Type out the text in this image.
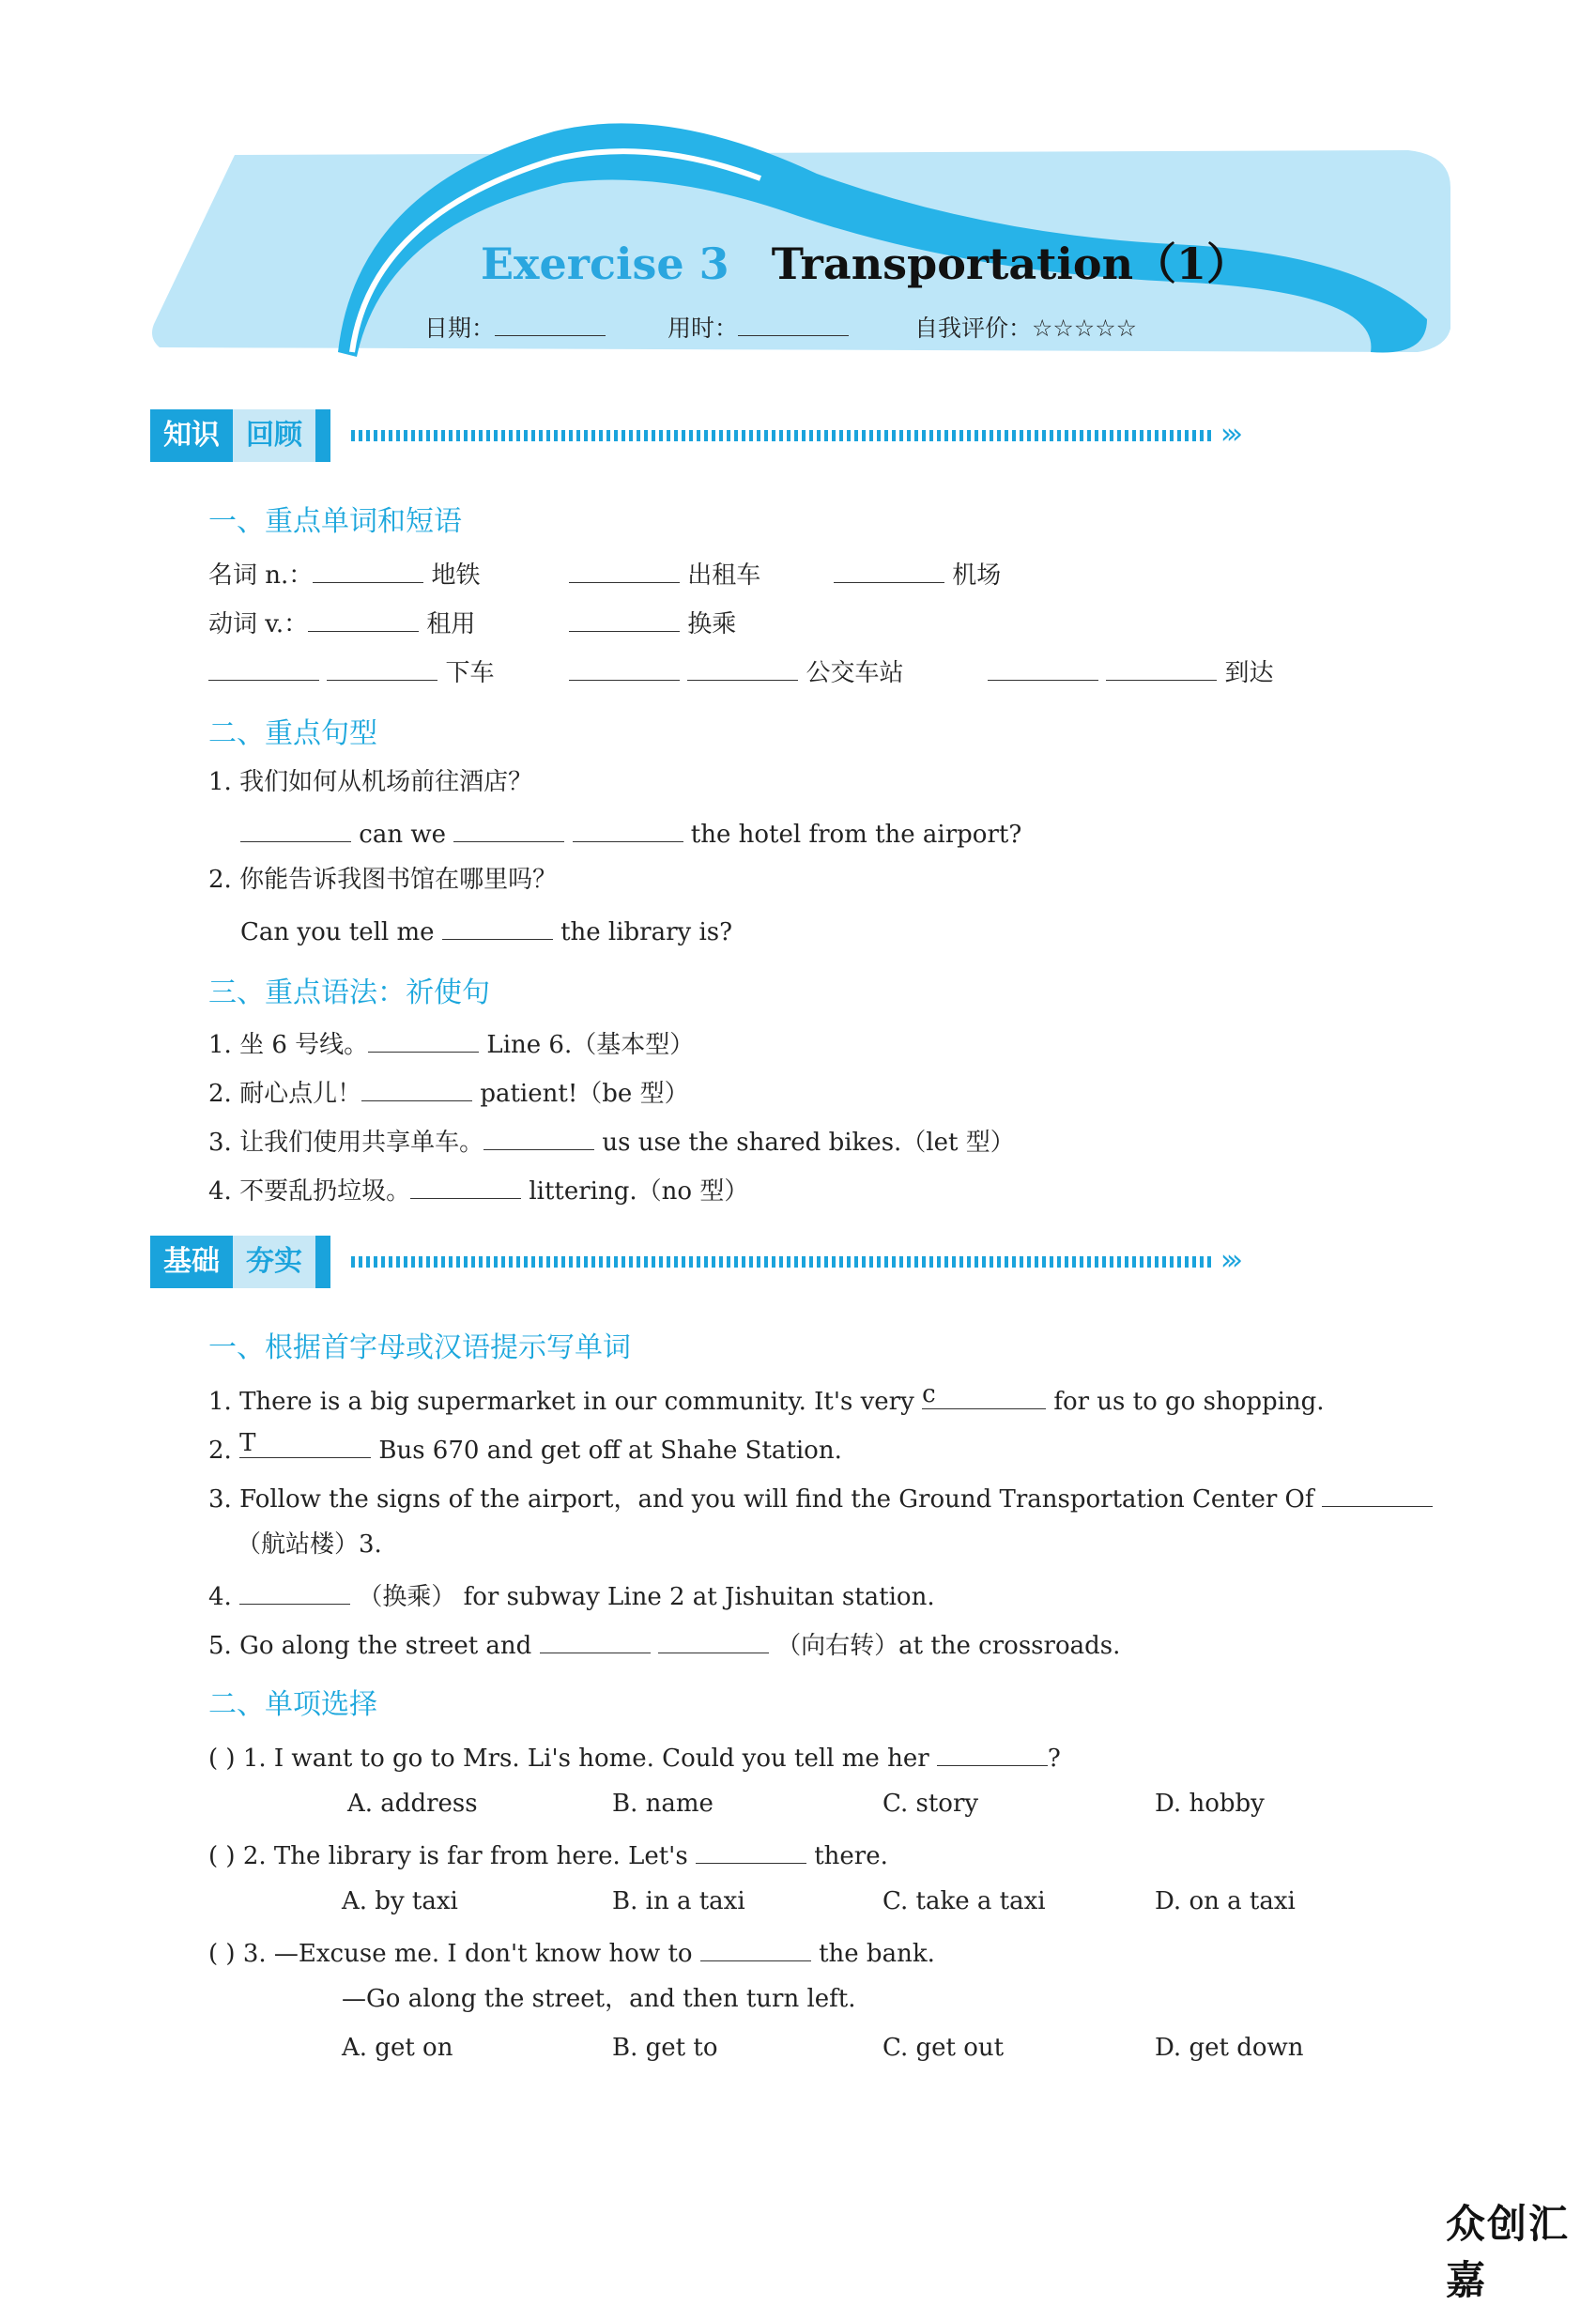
Exercise 3 Transportation（1）
日期：	用时：	自我评价：☆☆☆☆☆
知识 回顾	›››
一、重点单词和短语
名词 n.：	地铁	出租车	机场
动词 v.：	租用	换乘
下车	公交车站	到达
二、重点句型
1. 我们如何从机场前往酒店？
can we	the hotel from the airport?
2. 你能告诉我图书馆在哪里吗？
Can you tell me	the library is?
三、重点语法：祈使句
1. 坐 6 号线。	Line 6.（基本型）
2. 耐心点儿！	patient!（be 型）
3. 让我们使用共享单车。	us use the shared bikes.（let 型）
4. 不要乱扔垃圾。	littering.（no 型）
基础 夯实	›››
一、根据首字母或汉语提示写单词
1. There is a big supermarket in our community. It's very c	for us to go shopping.
2. T	Bus 670 and get off at Shahe Station.
3. Follow the signs of the airport，and you will find the Ground Transportation Center Of
（航站楼）3.
4.	（换乘） for subway Line 2 at Jishuitan station.
5. Go along the street and	（向右转）at the crossroads.
二、单项选择
( ) 1. I want to go to Mrs. Li's home. Could you tell me her	?
A. address	B. name	C. story	D. hobby
( ) 2. The library is far from here. Let's	there.
A. by taxi	B. in a taxi	C. take a taxi	D. on a taxi
( ) 3. —Excuse me. I don't know how to	the bank.
—Go along the street，and then turn left.
A. get on	B. get to	C. get out	D. get down
众创汇嘉
